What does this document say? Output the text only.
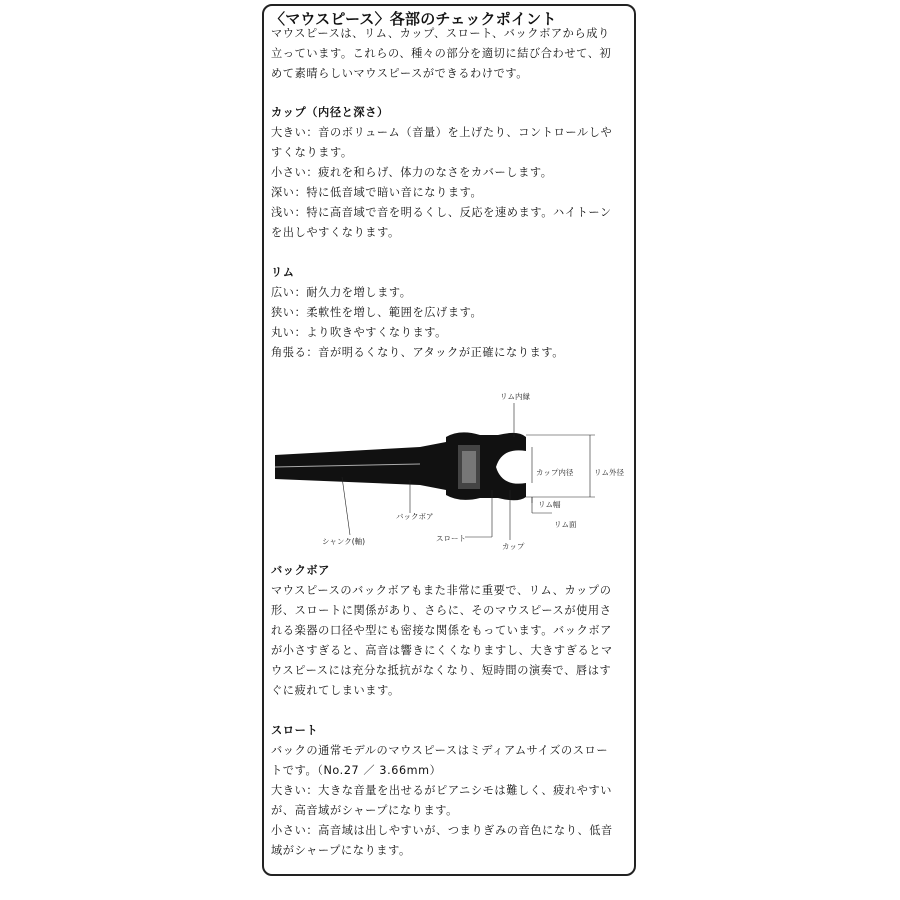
〈マウスピース〉各部のチェックポイント
マウスピースは、リム、カップ、スロート、バックボアから成り
立っています。これらの、種々の部分を適切に結び合わせて、初
めて素晴らしいマウスピースができるわけです。
カップ（内径と深さ）
大きい：音のボリューム（音量）を上げたり、コントロールしや
すくなります。
小さい：疲れを和らげ、体力のなさをカバーします。
深い：特に低音域で暗い音になります。
浅い：特に高音域で音を明るくし、反応を速めます。ハイトーン
を出しやすくなります。
リム
広い：耐久力を増します。
狭い：柔軟性を増し、範囲を広げます。
丸い：より吹きやすくなります。
角張る：音が明るくなり、アタックが正確になります。
リム内縁
カップ内径	リム外径
リム幅
リム面
バックボア
シャンク(軸)	スロート
カップ
バックボア
マウスピースのバックボアもまた非常に重要で、リム、カップの
形、スロートに関係があり、さらに、そのマウスピースが使用さ
れる楽器の口径や型にも密接な関係をもっています。バックボア
が小さすぎると、高音は響きにくくなりますし、大きすぎるとマ
ウスピースには充分な抵抗がなくなり、短時間の演奏で、唇はす
ぐに疲れてしまいます。
スロート
バックの通常モデルのマウスピースはミディアムサイズのスロー
トです。（No.27 ／ 3.66mm）
大きい：大きな音量を出せるがピアニシモは難しく、疲れやすい
が、高音域がシャープになります。
小さい：高音域は出しやすいが、つまりぎみの音色になり、低音
域がシャープになります。
